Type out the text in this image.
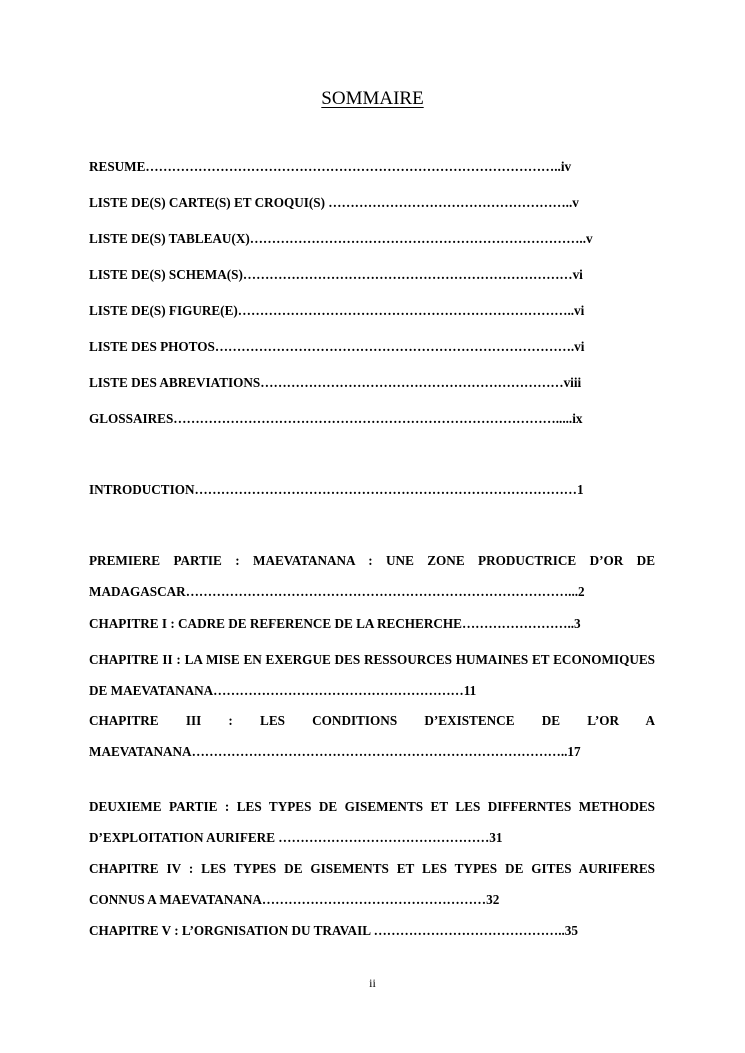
SOMMAIRE
RESUME…………………………………………………………………………………..iv
LISTE DE(S) CARTE(S) ET CROQUI(S) ………………………………………………..v
LISTE DE(S) TABLEAU(X)…………………………………………………………………..v
LISTE DE(S) SCHEMA(S)…………………………………………………………………vi
LISTE DE(S) FIGURE(E)…………………………………………………………………..vi
LISTE DES PHOTOS……………………………………………………………………….vi
LISTE DES ABREVIATIONS……………………………………………………………viii
GLOSSAIRES…………………………………………………………………………….....ix
INTRODUCTION……………………………………………………………………………1
PREMIERE PARTIE : MAEVATANANA : UNE ZONE PRODUCTRICE D’OR DE MADAGASCAR……………………………………………………………………………...2
CHAPITRE I : CADRE DE REFERENCE DE LA RECHERCHE……………………..3
CHAPITRE II : LA MISE EN EXERGUE DES RESSOURCES HUMAINES ET ECONOMIQUES DE MAEVATANANA…………………………………………………11
CHAPITRE III : LES CONDITIONS D’EXISTENCE DE L’OR A MAEVATANANA…………………………………………………………………………..17
DEUXIEME PARTIE : LES TYPES DE GISEMENTS ET LES DIFFERNTES METHODES D’EXPLOITATION AURIFERE …………………………………………31
CHAPITRE IV : LES TYPES DE GISEMENTS ET LES TYPES DE GITES AURIFERES CONNUS A MAEVATANANA……………………………………………32
CHAPITRE V : L’ORGNISATION DU TRAVAIL ……………………………………..35
ii
